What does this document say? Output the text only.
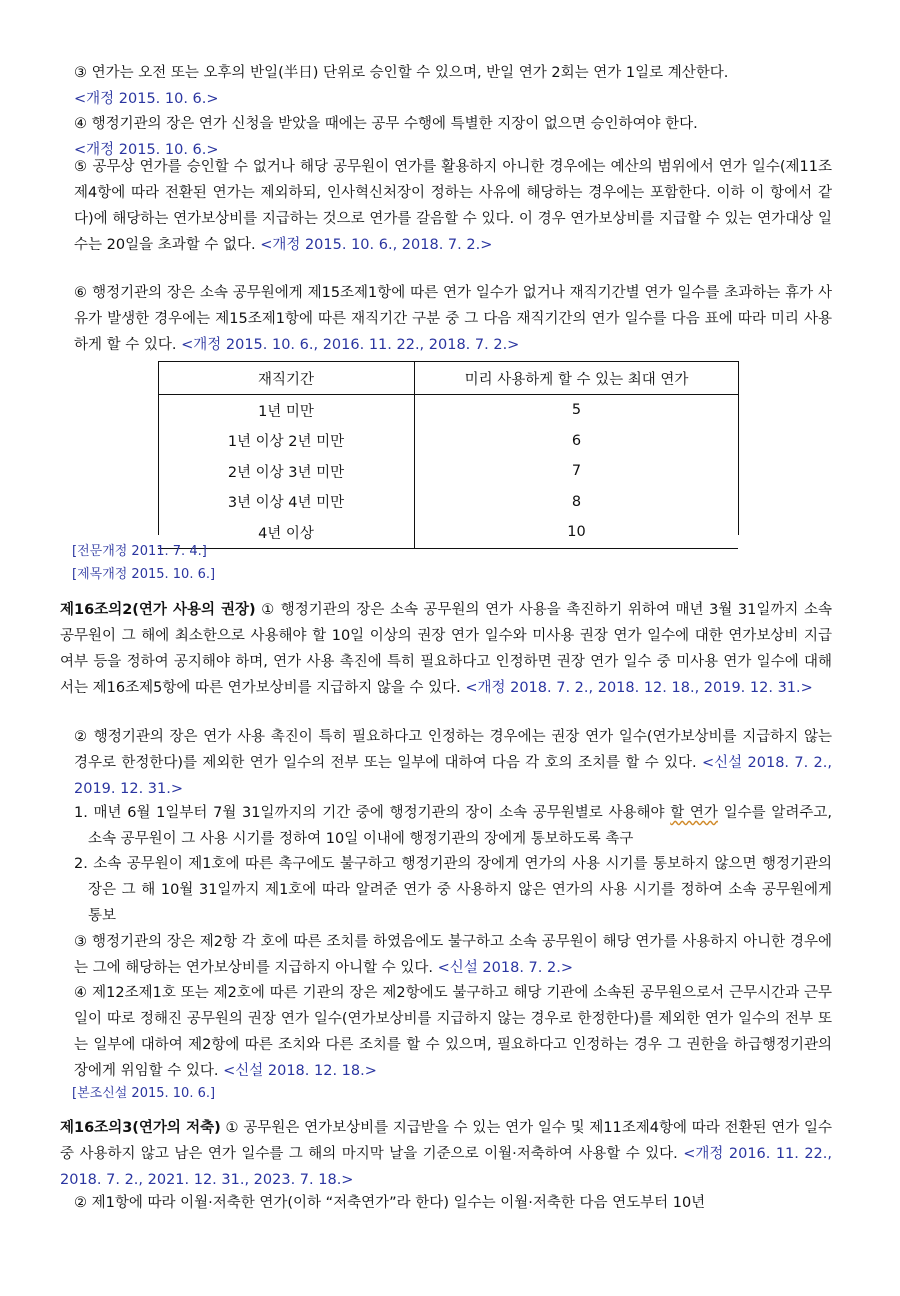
③ 연가는 오전 또는 오후의 반일(半日) 단위로 승인할 수 있으며, 반일 연가 2회는 연가 1일로 계산한다.
<개정 2015. 10. 6.>
④ 행정기관의 장은 연가 신청을 받았을 때에는 공무 수행에 특별한 지장이 없으면 승인하여야 한다.
<개정 2015. 10. 6.>
⑤ 공무상 연가를 승인할 수 없거나 해당 공무원이 연가를 활용하지 아니한 경우에는 예산의 범위에서 연가 일수(제11조제4항에 따라 전환된 연가는 제외하되, 인사혁신처장이 정하는 사유에 해당하는 경우에는 포함한다. 이하 이 항에서 같다)에 해당하는 연가보상비를 지급하는 것으로 연가를 갈음할 수 있다. 이 경우 연가보상비를 지급할 수 있는 연가대상 일수는 20일을 초과할 수 없다. <개정 2015. 10. 6., 2018. 7. 2.>
⑥ 행정기관의 장은 소속 공무원에게 제15조제1항에 따른 연가 일수가 없거나 재직기간별 연가 일수를 초과하는 휴가 사유가 발생한 경우에는 제15조제1항에 따른 재직기간 구분 중 그 다음 재직기간의 연가 일수를 다음 표에 따라 미리 사용하게 할 수 있다. <개정 2015. 10. 6., 2016. 11. 22., 2018. 7. 2.>
재직기간	미리 사용하게 할 수 있는 최대 연가
1년 미만	5
1년 이상 2년 미만	6
2년 이상 3년 미만	7
3년 이상 4년 미만	8
4년 이상	10
[전문개정 2011. 7. 4.]
[제목개정 2015. 10. 6.]
제16조의2(연가 사용의 권장) ① 행정기관의 장은 소속 공무원의 연가 사용을 촉진하기 위하여 매년 3월 31일까지 소속 공무원이 그 해에 최소한으로 사용해야 할 10일 이상의 권장 연가 일수와 미사용 권장 연가 일수에 대한 연가보상비 지급 여부 등을 정하여 공지해야 하며, 연가 사용 촉진에 특히 필요하다고 인정하면 권장 연가 일수 중 미사용 연가 일수에 대해서는 제16조제5항에 따른 연가보상비를 지급하지 않을 수 있다. <개정 2018. 7. 2., 2018. 12. 18., 2019. 12. 31.>
② 행정기관의 장은 연가 사용 촉진이 특히 필요하다고 인정하는 경우에는 권장 연가 일수(연가보상비를 지급하지 않는 경우로 한정한다)를 제외한 연가 일수의 전부 또는 일부에 대하여 다음 각 호의 조치를 할 수 있다. <신설 2018. 7. 2., 2019. 12. 31.>
1. 매년 6월 1일부터 7월 31일까지의 기간 중에 행정기관의 장이 소속 공무원별로 사용해야 할 연가 일수를 알려주고, 소속 공무원이 그 사용 시기를 정하여 10일 이내에 행정기관의 장에게 통보하도록 촉구
2. 소속 공무원이 제1호에 따른 촉구에도 불구하고 행정기관의 장에게 연가의 사용 시기를 통보하지 않으면 행정기관의 장은 그 해 10월 31일까지 제1호에 따라 알려준 연가 중 사용하지 않은 연가의 사용 시기를 정하여 소속 공무원에게 통보
③ 행정기관의 장은 제2항 각 호에 따른 조치를 하였음에도 불구하고 소속 공무원이 해당 연가를 사용하지 아니한 경우에는 그에 해당하는 연가보상비를 지급하지 아니할 수 있다. <신설 2018. 7. 2.>
④ 제12조제1호 또는 제2호에 따른 기관의 장은 제2항에도 불구하고 해당 기관에 소속된 공무원으로서 근무시간과 근무일이 따로 정해진 공무원의 권장 연가 일수(연가보상비를 지급하지 않는 경우로 한정한다)를 제외한 연가 일수의 전부 또는 일부에 대하여 제2항에 따른 조치와 다른 조치를 할 수 있으며, 필요하다고 인정하는 경우 그 권한을 하급행정기관의 장에게 위임할 수 있다. <신설 2018. 12. 18.>
[본조신설 2015. 10. 6.]
제16조의3(연가의 저축) ① 공무원은 연가보상비를 지급받을 수 있는 연가 일수 및 제11조제4항에 따라 전환된 연가 일수 중 사용하지 않고 남은 연가 일수를 그 해의 마지막 날을 기준으로 이월·저축하여 사용할 수 있다. <개정 2016. 11. 22., 2018. 7. 2., 2021. 12. 31., 2023. 7. 18.>
② 제1항에 따라 이월·저축한 연가(이하 “저축연가”라 한다) 일수는 이월·저축한 다음 연도부터 10년
